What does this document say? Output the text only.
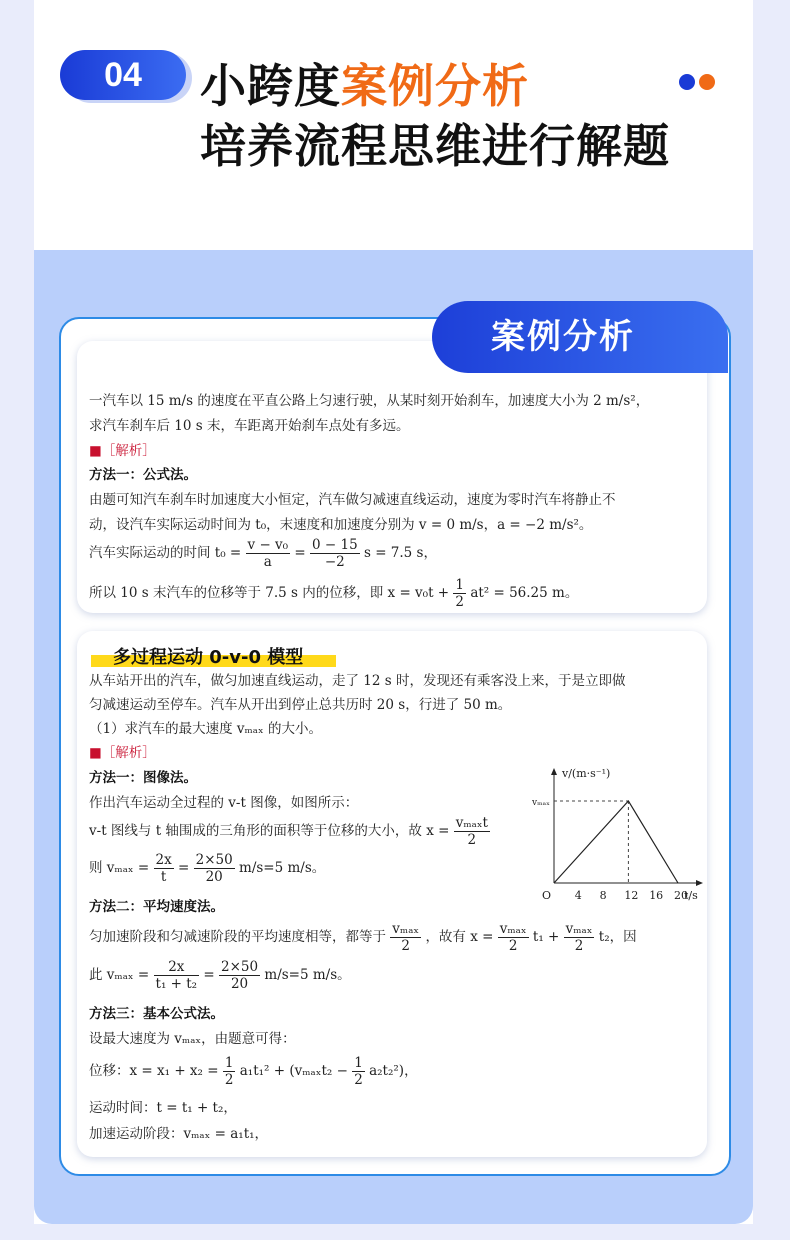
04	小跨度案例分析
培养流程思维进行解题
一汽车以 15 m/s 的速度在平直公路上匀速行驶，从某时刻开始刹车，加速度大小为 2 m/s²，
求汽车刹车后 10 s 末，车距离开始刹车点处有多远。
■［解析］
方法一：公式法。
由题可知汽车刹车时加速度大小恒定，汽车做匀减速直线运动，速度为零时汽车将静止不
动，设汽车实际运动时间为 t₀，末速度和加速度分别为 v = 0 m/s，a = −2 m/s²。
汽车实际运动的时间 $t_0 = \frac{\text{v − v₀}}{a} = \frac{0 - 15}{-2}$ s = 7.5 s，
所以 10 s 末汽车的位移等于 7.5 s 内的位移，即 $x = v_0t + \frac{1}{2} at^2 = 56.25$ m。
多过程运动 0-v-0 模型
从车站开出的汽车，做匀加速直线运动，走了 12 s 时，发现还有乘客没上来，于是立即做
匀减速运动至停车。汽车从开出到停止总共历时 20 s，行进了 50 m。
（1）求汽车的最大速度 vₘₐₓ 的大小。
■［解析］
方法一：图像法。
作出汽车运动全过程的 v-t 图像，如图所示：
v-t 图线与 t 轴围成的三角形的面积等于位移的大小，故 $x = \frac{\text{vₘₐₓt}}{2}$
则 $v_{max} = \frac{2x}{t} = \frac{2\times 50}{20} m/s=5$ m/s。
方法二：平均速度法。
匀加速阶段和匀减速阶段的平均速度相等，都等于 $\frac{\text{vₘₐₓ}}{2}$ ，故有 $x = \frac{\text{vₘₐₓ}}{2} t_1 + \frac{\text{vₘₐₓ}}{2} t_2$，因
此 $v_{max} = \frac{2x}{\text{t₁ + t₂}} = \frac{2\times 50}{20} m/s=5$ m/s。
方法三：基本公式法。
设最大速度为 vₘₐₓ，由题意可得：
位移：$x = x_1 + x_2 = \frac{1}{2} a_1t_1^2 + (v_{max}t_2 - \frac{1}{2} a_2t_2^2)$，
运动时间：t = t₁ + t₂，
加速运动阶段：vₘₐₓ = a₁t₁，
v/(m·s⁻¹)
vₘₐₓ
O	t/s
4 8 12 16 20
案例分析
